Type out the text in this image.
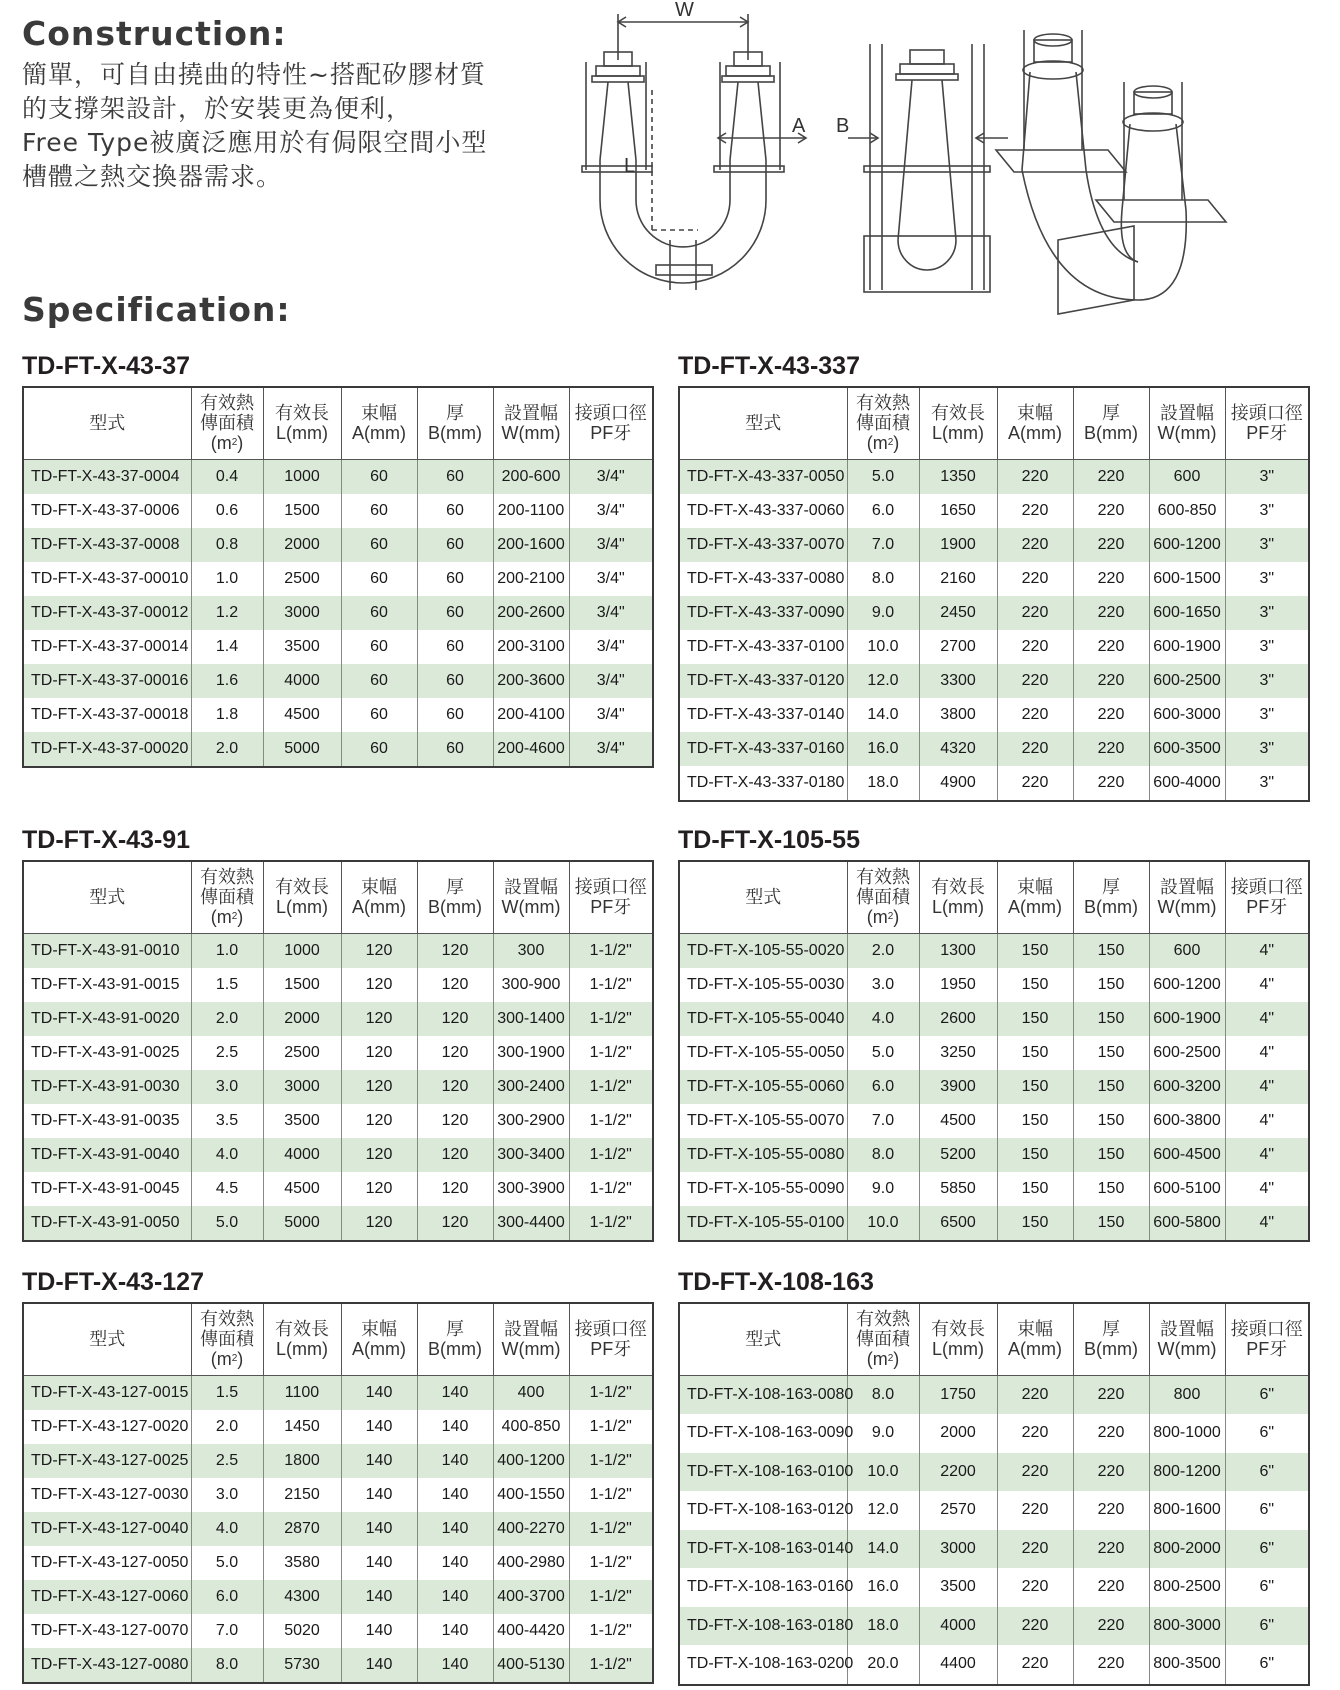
Construction:
簡單，可自由撓曲的特性~搭配矽膠材質
的支撐架設計，於安裝更為便利，
Free Type被廣泛應用於有侷限空間小型
槽體之熱交換器需求。
W
L
A B
Specification:
TD-FT-X-43-37	TD-FT-X-43-337
TD-FT-X-43-91	TD-FT-X-105-55
TD-FT-X-43-127	TD-FT-X-108-163
型式	有效熱
傳面積
$(m^2)$	有效長
L(mm)	束幅
A(mm)	厚
B(mm)	設置幅
W(mm)	接頭口徑
PF牙
TD-FT-X-43-37-0004	0.4	1000	60	60	200-600	3/4"
TD-FT-X-43-37-0006	0.6	1500	60	60	200-1100	3/4"
TD-FT-X-43-37-0008	0.8	2000	60	60	200-1600	3/4"
TD-FT-X-43-37-00010	1.0	2500	60	60	200-2100	3/4"
TD-FT-X-43-37-00012	1.2	3000	60	60	200-2600	3/4"
TD-FT-X-43-37-00014	1.4	3500	60	60	200-3100	3/4"
TD-FT-X-43-37-00016	1.6	4000	60	60	200-3600	3/4"
TD-FT-X-43-37-00018	1.8	4500	60	60	200-4100	3/4"
TD-FT-X-43-37-00020	2.0	5000	60	60	200-4600	3/4"
型式	有效熱
傳面積
$(m^2)$	有效長
L(mm)	束幅
A(mm)	厚
B(mm)	設置幅
W(mm)	接頭口徑
PF牙
TD-FT-X-43-337-0050	5.0	1350	220	220	600	3"
TD-FT-X-43-337-0060	6.0	1650	220	220	600-850	3"
TD-FT-X-43-337-0070	7.0	1900	220	220	600-1200	3"
TD-FT-X-43-337-0080	8.0	2160	220	220	600-1500	3"
TD-FT-X-43-337-0090	9.0	2450	220	220	600-1650	3"
TD-FT-X-43-337-0100	10.0	2700	220	220	600-1900	3"
TD-FT-X-43-337-0120	12.0	3300	220	220	600-2500	3"
TD-FT-X-43-337-0140	14.0	3800	220	220	600-3000	3"
TD-FT-X-43-337-0160	16.0	4320	220	220	600-3500	3"
TD-FT-X-43-337-0180	18.0	4900	220	220	600-4000	3"
型式	有效熱
傳面積
$(m^2)$	有效長
L(mm)	束幅
A(mm)	厚
B(mm)	設置幅
W(mm)	接頭口徑
PF牙
TD-FT-X-43-91-0010	1.0	1000	120	120	300	1-1/2"
TD-FT-X-43-91-0015	1.5	1500	120	120	300-900	1-1/2"
TD-FT-X-43-91-0020	2.0	2000	120	120	300-1400	1-1/2"
TD-FT-X-43-91-0025	2.5	2500	120	120	300-1900	1-1/2"
TD-FT-X-43-91-0030	3.0	3000	120	120	300-2400	1-1/2"
TD-FT-X-43-91-0035	3.5	3500	120	120	300-2900	1-1/2"
TD-FT-X-43-91-0040	4.0	4000	120	120	300-3400	1-1/2"
TD-FT-X-43-91-0045	4.5	4500	120	120	300-3900	1-1/2"
TD-FT-X-43-91-0050	5.0	5000	120	120	300-4400	1-1/2"
型式	有效熱
傳面積
$(m^2)$	有效長
L(mm)	束幅
A(mm)	厚
B(mm)	設置幅
W(mm)	接頭口徑
PF牙
TD-FT-X-105-55-0020	2.0	1300	150	150	600	4"
TD-FT-X-105-55-0030	3.0	1950	150	150	600-1200	4"
TD-FT-X-105-55-0040	4.0	2600	150	150	600-1900	4"
TD-FT-X-105-55-0050	5.0	3250	150	150	600-2500	4"
TD-FT-X-105-55-0060	6.0	3900	150	150	600-3200	4"
TD-FT-X-105-55-0070	7.0	4500	150	150	600-3800	4"
TD-FT-X-105-55-0080	8.0	5200	150	150	600-4500	4"
TD-FT-X-105-55-0090	9.0	5850	150	150	600-5100	4"
TD-FT-X-105-55-0100	10.0	6500	150	150	600-5800	4"
型式	有效熱
傳面積
$(m^2)$	有效長
L(mm)	束幅
A(mm)	厚
B(mm)	設置幅
W(mm)	接頭口徑
PF牙
TD-FT-X-43-127-0015	1.5	1100	140	140	400	1-1/2"
TD-FT-X-43-127-0020	2.0	1450	140	140	400-850	1-1/2"
TD-FT-X-43-127-0025	2.5	1800	140	140	400-1200	1-1/2"
TD-FT-X-43-127-0030	3.0	2150	140	140	400-1550	1-1/2"
TD-FT-X-43-127-0040	4.0	2870	140	140	400-2270	1-1/2"
TD-FT-X-43-127-0050	5.0	3580	140	140	400-2980	1-1/2"
TD-FT-X-43-127-0060	6.0	4300	140	140	400-3700	1-1/2"
TD-FT-X-43-127-0070	7.0	5020	140	140	400-4420	1-1/2"
TD-FT-X-43-127-0080	8.0	5730	140	140	400-5130	1-1/2"
型式	有效熱
傳面積
$(m^2)$	有效長
L(mm)	束幅
A(mm)	厚
B(mm)	設置幅
W(mm)	接頭口徑
PF牙
TD-FT-X-108-163-0080	8.0	1750	220	220	800	6"
TD-FT-X-108-163-0090	9.0	2000	220	220	800-1000	6"
TD-FT-X-108-163-0100	10.0	2200	220	220	800-1200	6"
TD-FT-X-108-163-0120	12.0	2570	220	220	800-1600	6"
TD-FT-X-108-163-0140	14.0	3000	220	220	800-2000	6"
TD-FT-X-108-163-0160	16.0	3500	220	220	800-2500	6"
TD-FT-X-108-163-0180	18.0	4000	220	220	800-3000	6"
TD-FT-X-108-163-0200	20.0	4400	220	220	800-3500	6"
